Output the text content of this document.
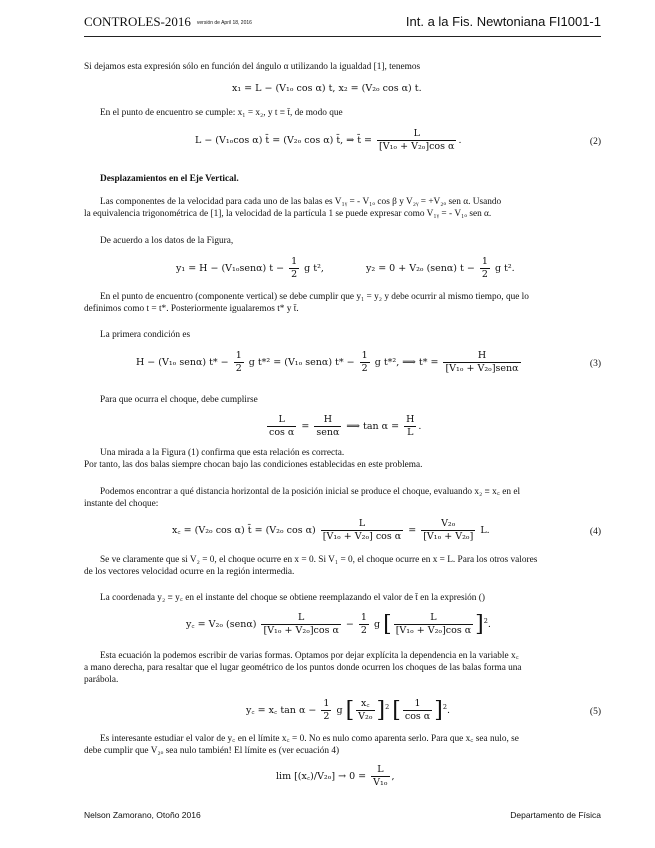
CONTROLES-2016 versión de April 18, 2016	Int. a la Fis. Newtoniana FI1001-1
Si dejamos esta expresión sólo en función del ángulo α utilizando la igualdad [1], tenemos
x₁ = L − (V₁ₒ cos α) t, x₂ = (V₂ₒ cos α) t.
En el punto de encuentro se cumple: x₁ = x₂, y t ≡ t̄, de modo que
L − (V₁ₒcos α) t̄ = (V₂ₒ cos α) t̄, ⇒ t̄ = $\frac{L}{\text{[V₁ₒ + V₂ₒ]cos α}}$ .	(2)
Desplazamientos en el Eje Vertical.
Las componentes de la velocidad para cada uno de las balas es V₁ᵧ = - V₁ₒ cos β y V₂ᵧ = +V₂ₒ sen α. Usando
la equivalencia trigonométrica de [1], la velocidad de la partícula 1 se puede expresar como V₁ᵧ = - V₁ₒ sen α.
De acuerdo a los datos de la Figura,
y₁ = H − (V₁ₒsenα) $t - \frac{1}{2}$ g t²,	y₂ = 0 + V₂ₒ (senα) $t - \frac{1}{2}$ g t².
En el punto de encuentro (componente vertical) se debe cumplir que y₁ = y₂ y debe ocurrir al mismo tiempo, que lo
definimos como t = t*. Posteriormente igualaremos t* y t̄.
La primera condición es
H − (V₁ₒ senα) $t* - \frac{1}{2}$ g t*² = (V₁ₒ senα) $t* - \frac{1}{2}$ g t*², ⟹ $t* = \frac{H}{\text{[V₁ₒ + V₂ₒ]senα}}$	(3)
Para que ocurra el choque, debe cumplirse
$\frac{L}{\text{cos α}} = \frac{H}{\text{senα}}$ ⟹ $\tan \alpha = \frac{H}{L}$ .
Una mirada a la Figura (1) confirma que esta relación es correcta.
Por tanto, las dos balas siempre chocan bajo las condiciones establecidas en este problema.
Podemos encontrar a qué distancia horizontal de la posición inicial se produce el choque, evaluando x₂ ≡ x꜀ en el
instante del choque:
x꜀ = (V₂ₒ cos α) t̄ = (V₂ₒ $\cos \alpha) \frac{L}{\text{[V₁ₒ + V₂ₒ] cos α}} = \frac{\text{V₂ₒ}}{\text{[V₁ₒ + V₂ₒ]}} L$.	(4)
Se ve claramente que si V₂ = 0, el choque ocurre en x = 0. Si V₁ = 0, el choque ocurre en x = L. Para los otros valores
de los vectores velocidad ocurre en la región intermedia.
La coordenada y₂ ≡ y꜀ en el instante del choque se obtiene reemplazando el valor de t̄ en la expresión ()
y꜀ = V₂ₒ $(sen\alpha) \frac{L}{\text{[V₁ₒ + V₂ₒ]cos α}} - \frac{1}{2}$ g [ $\frac{L}{\text{[V₁ₒ + V₂ₒ]cos α}} ]^2$.
Esta ecuación la podemos escribir de varias formas. Optamos por dejar explícita la dependencia en la variable x꜀
a mano derecha, para resaltar que el lugar geométrico de los puntos donde ocurren los choques de las balas forma una
parábola.
y꜀ = x꜀ $\tan \alpha - \frac{1}{2}$ g [ $\frac{x꜀}{\text{V₂ₒ}} ]^2$ [ $\frac{1}{\text{cos α}} ]^2$.	(5)
Es interesante estudiar el valor de y꜀ en el límite x꜀ = 0. No es nulo como aparenta serlo. Para que x꜀ sea nulo, se
debe cumplir que V₂ₒ sea nulo también! El límite es (ver ecuación 4)
lim [(x꜀)/V₂ₒ] → $0 = \frac{L}{\text{V₁ₒ}}$ ,
Nelson Zamorano, Otoño 2016	Departamento de Física
